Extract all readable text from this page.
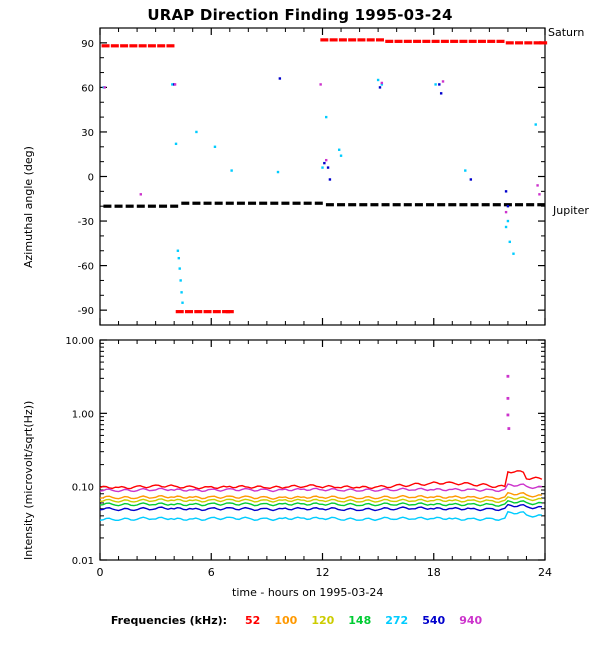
URAP Direction Finding 1995-03-24
Azimuthal angle (deg)
Intensity (microvolt/sqrt(Hz))
time - hours on 1995-03-24
Saturn
Jupiter
-90
-60
-30
0
30
60
90
0.01
0.10
1.00
10.00
0	6	12	18	24
Frequencies (kHz): 52 100 120 148 272 540 940
